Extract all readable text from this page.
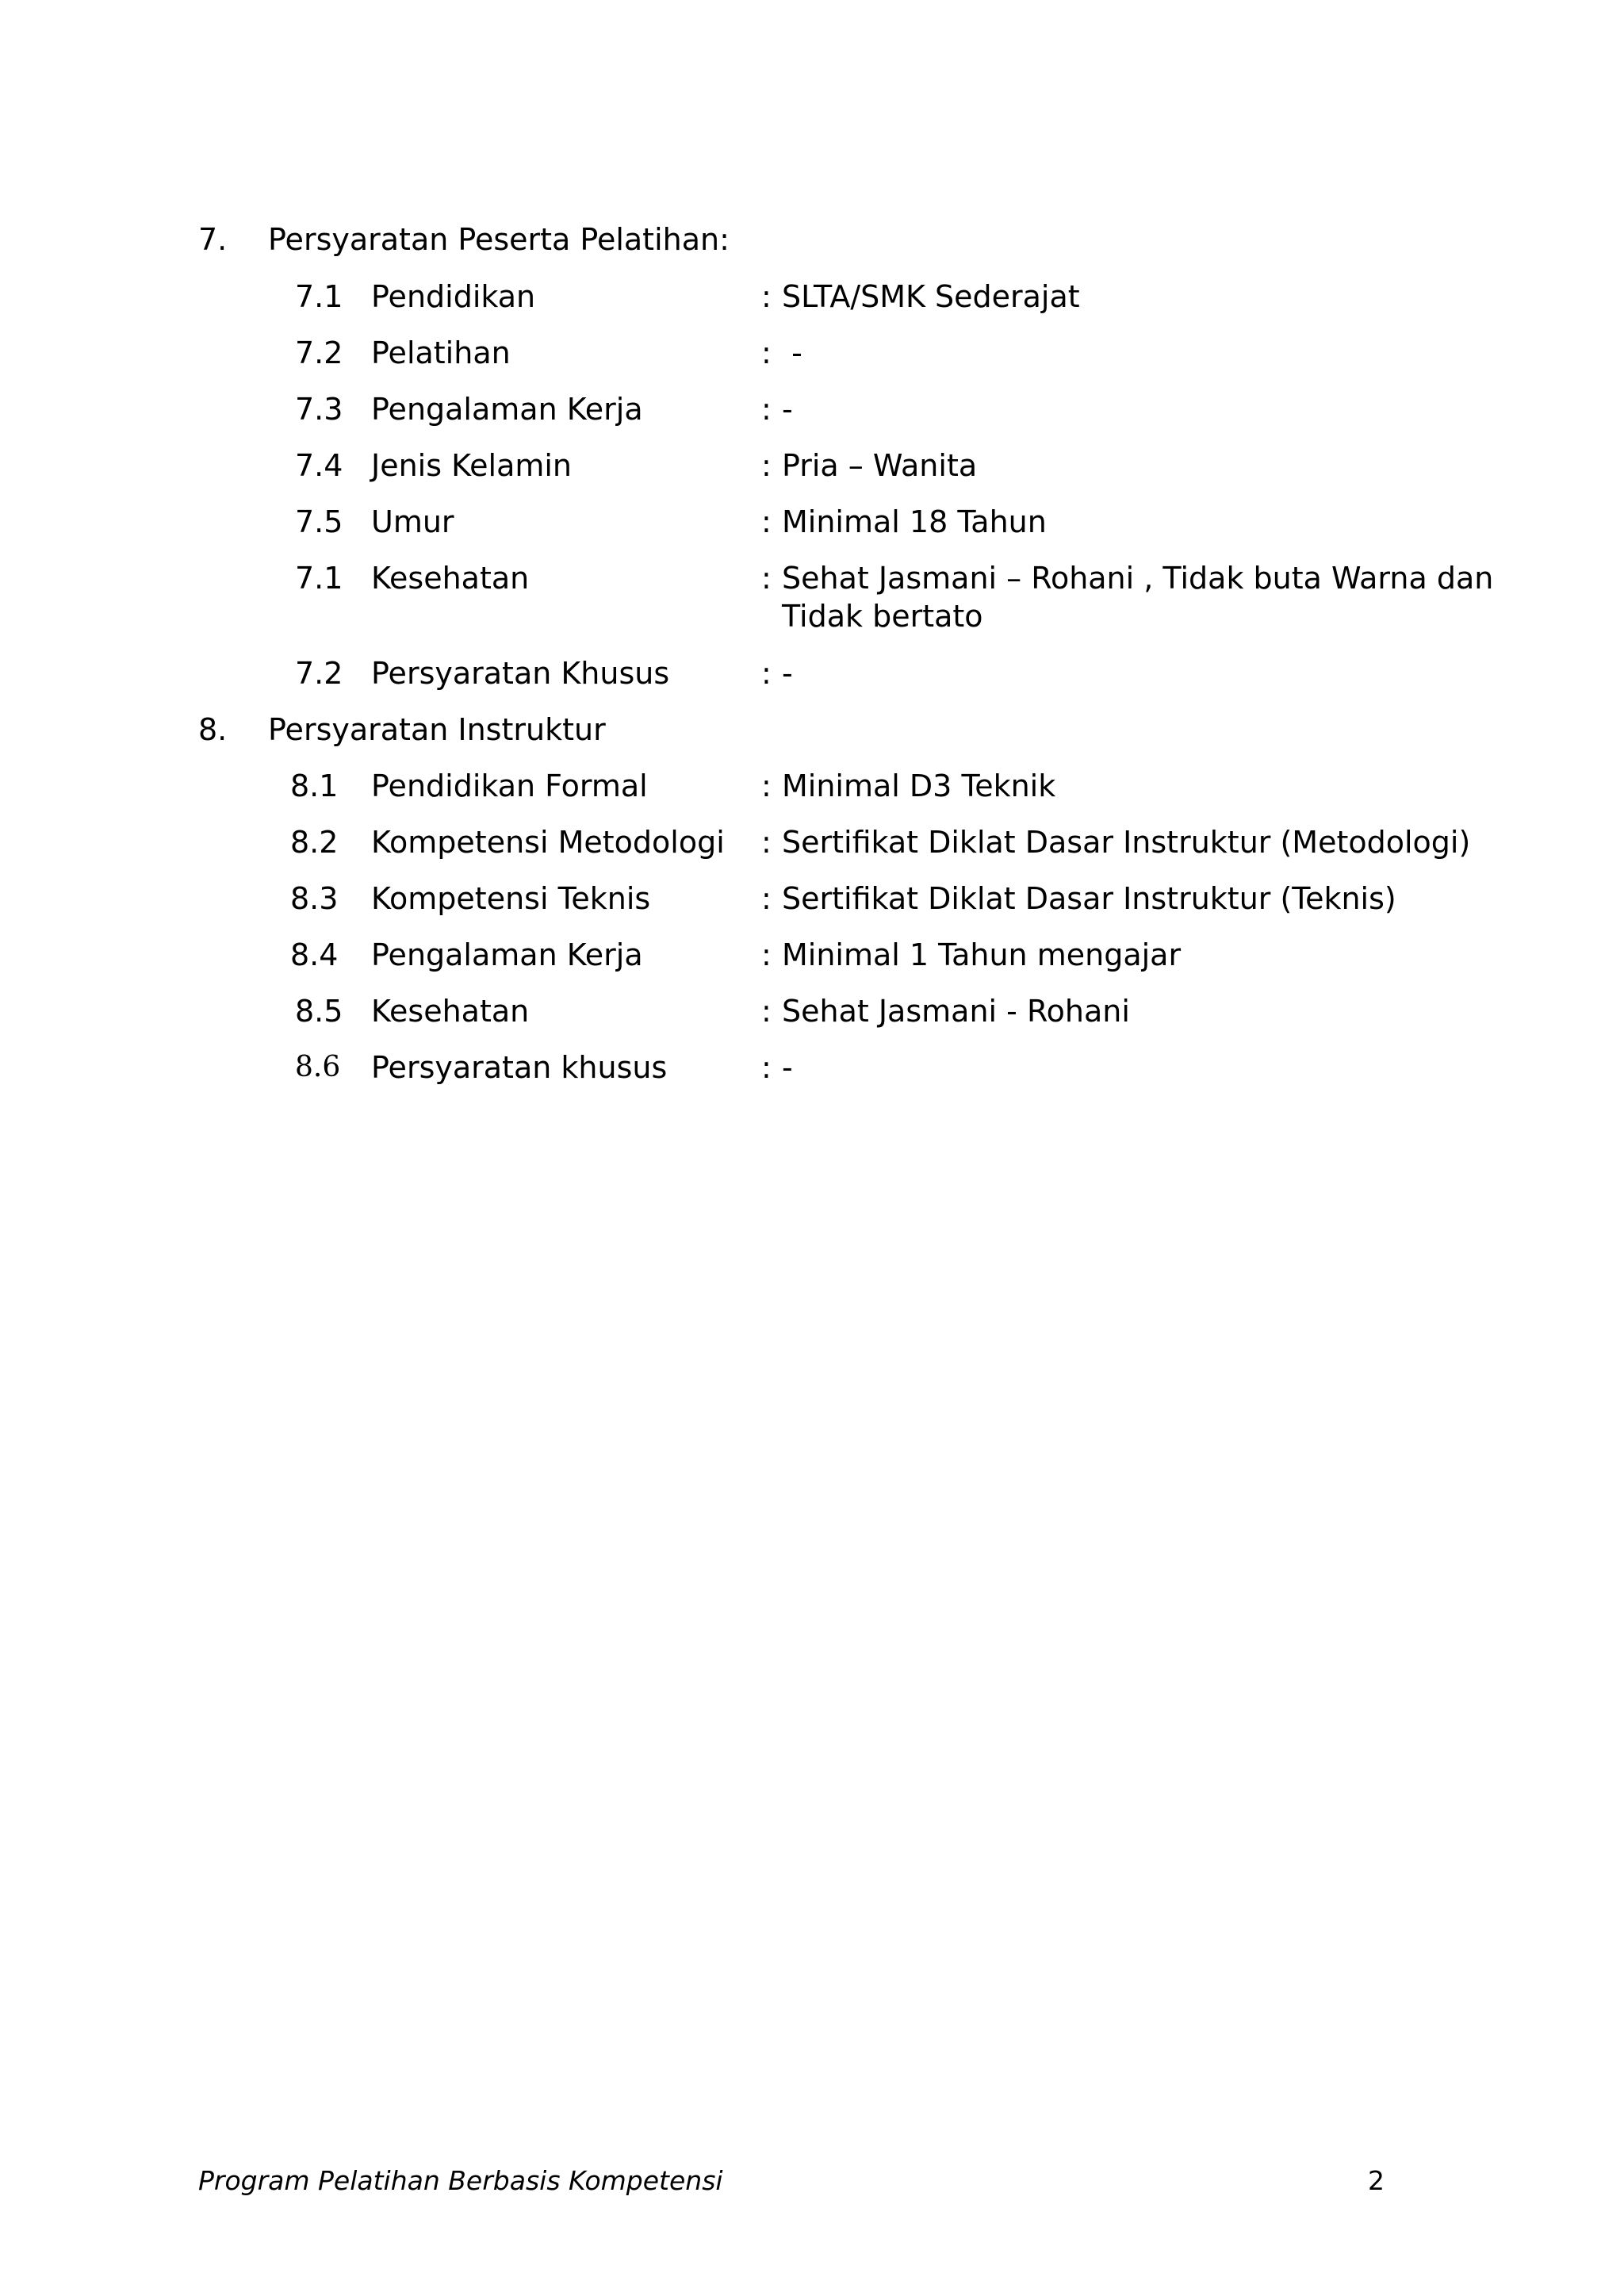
7. Persyaratan Peserta Pelatihan:
7.1 Pendidikan	: SLTA/SMK Sederajat
7.2 Pelatihan	: -
7.3 Pengalaman Kerja	: -
7.4 Jenis Kelamin	: Pria – Wanita
7.5 Umur	: Minimal 18 Tahun
7.1 Kesehatan	: Sehat Jasmani – Rohani , Tidak buta Warna dan Tidak bertato
7.2 Persyaratan Khusus	: -
8. Persyaratan Instruktur
8.1 Pendidikan Formal	: Minimal D3 Teknik
8.2 Kompetensi Metodologi : Sertifikat Diklat Dasar Instruktur (Metodologi)
8.3 Kompetensi Teknis	: Sertifikat Diklat Dasar Instruktur (Teknis)
8.4 Pengalaman Kerja	: Minimal 1 Tahun mengajar
8.5 Kesehatan	: Sehat Jasmani - Rohani
8.6 Persyaratan khusus	: -
Program Pelatihan Berbasis Kompetensi	2
